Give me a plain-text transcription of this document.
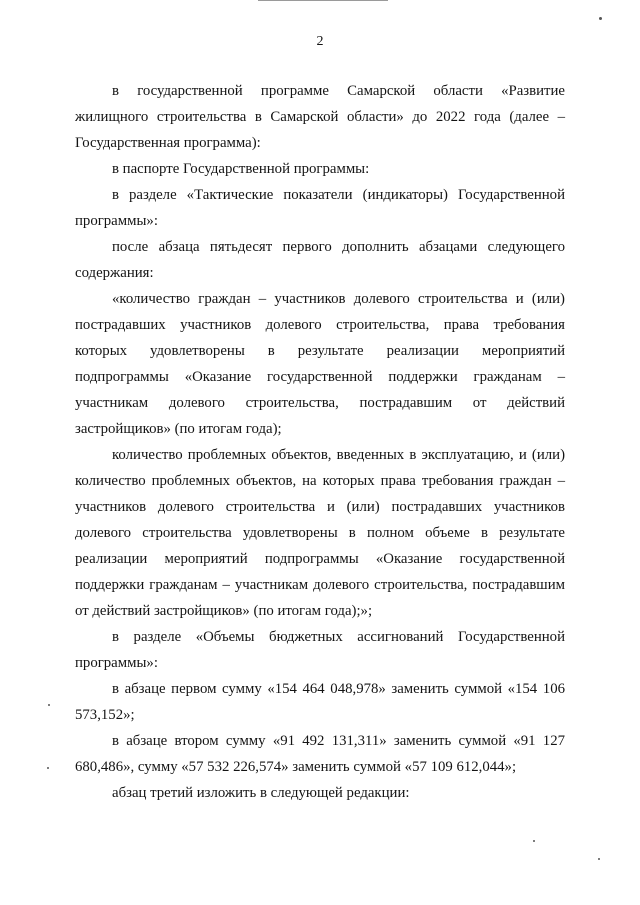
2

в государственной программе Самарской области «Развитие жилищного строительства в Самарской области» до 2022 года (далее – Государственная программа):

в паспорте Государственной программы:

в разделе «Тактические показатели (индикаторы) Государственной программы»:

после абзаца пятьдесят первого дополнить абзацами следующего содержания:

«количество граждан – участников долевого строительства и (или) пострадавших участников долевого строительства, права требования которых удовлетворены в результате реализации мероприятий подпрограммы «Оказание государственной поддержки гражданам – участникам долевого строительства, пострадавшим от действий застройщиков» (по итогам года);

количество проблемных объектов, введенных в эксплуатацию, и (или) количество проблемных объектов, на которых права требования граждан – участников долевого строительства и (или) пострадавших участников долевого строительства удовлетворены в полном объеме в результате реализации мероприятий подпрограммы «Оказание государственной поддержки гражданам – участникам долевого строительства, пострадавшим от действий застройщиков» (по итогам года);»;

в разделе «Объемы бюджетных ассигнований Государственной программы»:

в абзаце первом сумму «154 464 048,978» заменить суммой «154 106 573,152»;

в абзаце втором сумму «91 492 131,311» заменить суммой «91 127 680,486», сумму «57 532 226,574» заменить суммой «57 109 612,044»;

абзац третий изложить в следующей редакции:
